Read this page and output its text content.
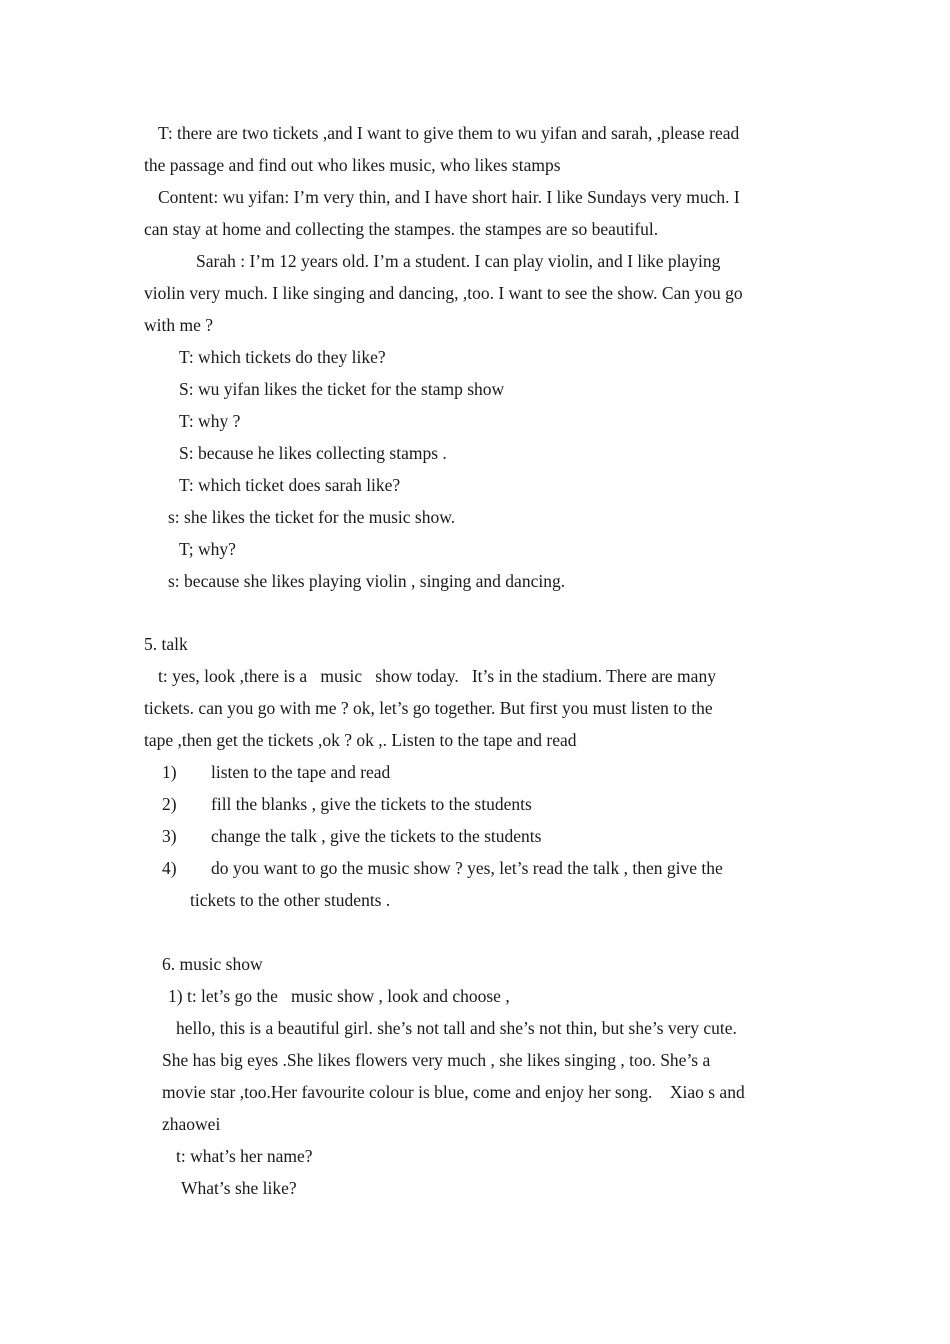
T: there are two tickets ,and I want to give them to wu yifan and sarah, ,please read
the passage and find out who likes music, who likes stamps
Content: wu yifan: I’m very thin, and I have short hair. I like Sundays very much. I
can stay at home and collecting the stampes. the stampes are so beautiful.
Sarah : I’m 12 years old. I’m a student. I can play violin, and I like playing
violin very much. I like singing and dancing, ,too. I want to see the show. Can you go
with me ?
T: which tickets do they like?
S: wu yifan likes the ticket for the stamp show
T: why ?
S: because he likes collecting stamps .
T: which ticket does sarah like?
s: she likes the ticket for the music show.
T; why?
s: because she likes playing violin , singing and dancing.
5. talk
t: yes, look ,there is a   music   show today.   It’s in the stadium. There are many
tickets. can you go with me ? ok, let’s go together. But first you must listen to the
tape ,then get the tickets ,ok ? ok ,. Listen to the tape and read
1) listen to the tape and read
2) fill the blanks , give the tickets to the students
3) change the talk , give the tickets to the students
4) do you want to go the music show ? yes, let’s read the talk , then give the
tickets to the other students .
6. music show
1) t: let’s go the   music show , look and choose ,
hello, this is a beautiful girl. she’s not tall and she’s not thin, but she’s very cute.
She has big eyes .She likes flowers very much , she likes singing , too. She’s a
movie star ,too.Her favourite colour is blue, come and enjoy her song.    Xiao s and
zhaowei
t: what’s her name?
What’s she like?
